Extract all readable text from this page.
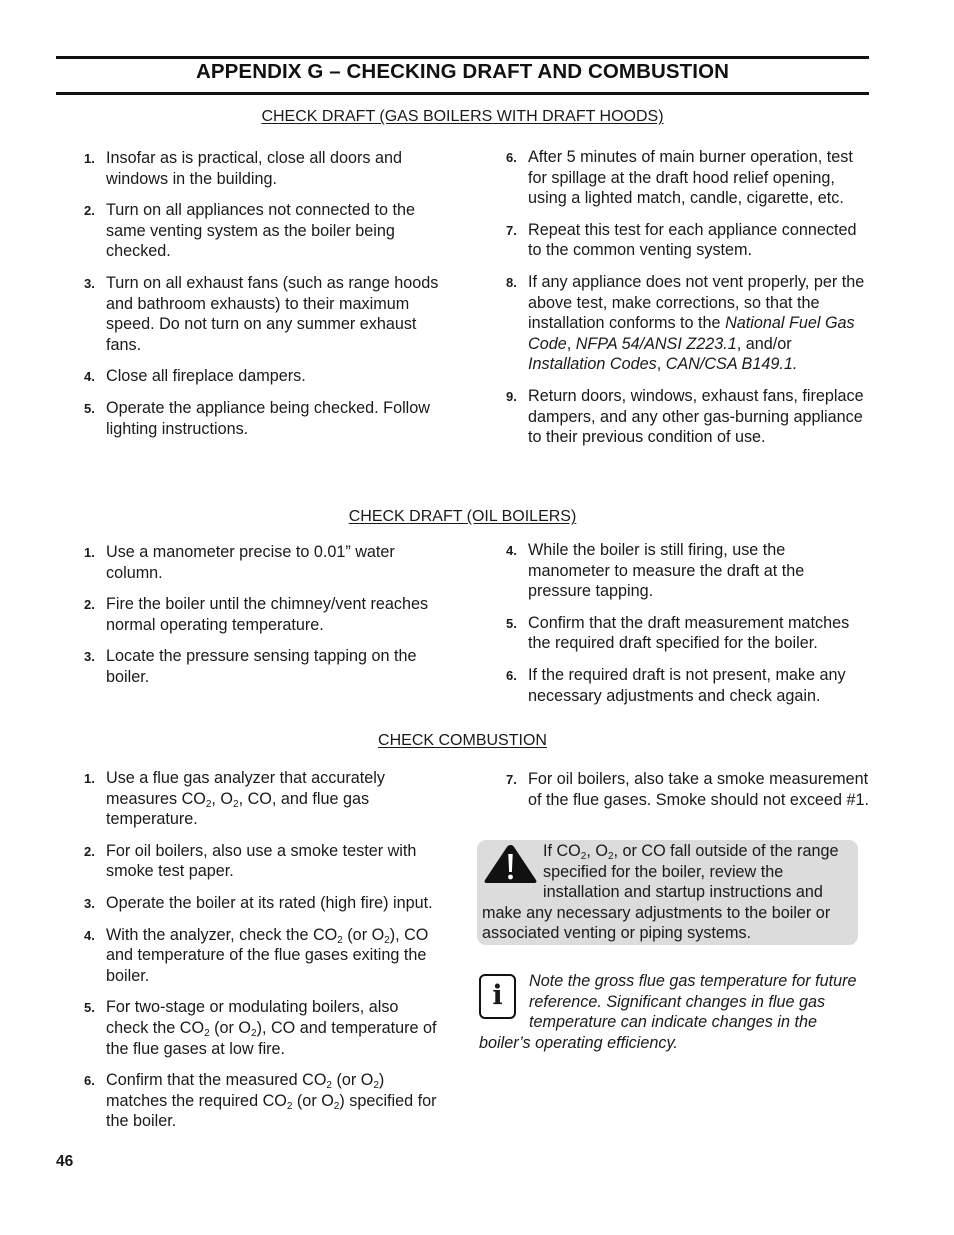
APPENDIX G – CHECKING DRAFT AND COMBUSTION
CHECK DRAFT (GAS BOILERS WITH DRAFT HOODS)
1. Insofar as is practical, close all doors and windows in the building.
2. Turn on all appliances not connected to the same venting system as the boiler being checked.
3. Turn on all exhaust fans (such as range hoods and bathroom exhausts) to their maximum speed. Do not turn on any summer exhaust fans.
4. Close all fireplace dampers.
5. Operate the appliance being checked. Follow lighting instructions.
6. After 5 minutes of main burner operation, test for spillage at the draft hood relief opening, using a lighted match, candle, cigarette, etc.
7. Repeat this test for each appliance connected to the common venting system.
8. If any appliance does not vent properly, per the above test, make corrections, so that the installation conforms to the National Fuel Gas Code, NFPA 54/ANSI Z223.1, and/or Installation Codes, CAN/CSA B149.1.
9. Return doors, windows, exhaust fans, fireplace dampers, and any other gas-burning appliance to their previous condition of use.
CHECK DRAFT (OIL BOILERS)
1. Use a manometer precise to 0.01” water column.
2. Fire the boiler until the chimney/vent reaches normal operating temperature.
3. Locate the pressure sensing tapping on the boiler.
4. While the boiler is still firing, use the manometer to measure the draft at the pressure tapping.
5. Confirm that the draft measurement matches the required draft specified for the boiler.
6. If the required draft is not present, make any necessary adjustments and check again.
CHECK COMBUSTION
1. Use a flue gas analyzer that accurately measures $CO_2$, $O_2$, CO, and flue gas temperature.
2. For oil boilers, also use a smoke tester with smoke test paper.
3. Operate the boiler at its rated (high fire) input.
4. With the analyzer, check the $CO_2$ (or $O_2$), CO and temperature of the flue gases exiting the boiler.
5. For two-stage or modulating boilers, also check the $CO_2$ (or $O_2$), CO and temperature of the flue gases at low fire.
6. Confirm that the measured $CO_2$ (or $O_2$) matches the required $CO_2$ (or $O_2$) specified for the boiler.
7. For oil boilers, also take a smoke measurement of the flue gases. Smoke should not exceed #1.
If $CO_2$, $O_2$, or CO fall outside of the range specified for the boiler, review the installation and startup instructions and make any necessary adjustments to the boiler or associated venting or piping systems.
i	Note the gross flue gas temperature for future reference. Significant changes in flue gas temperature can indicate changes in the boiler’s operating efficiency.
46
